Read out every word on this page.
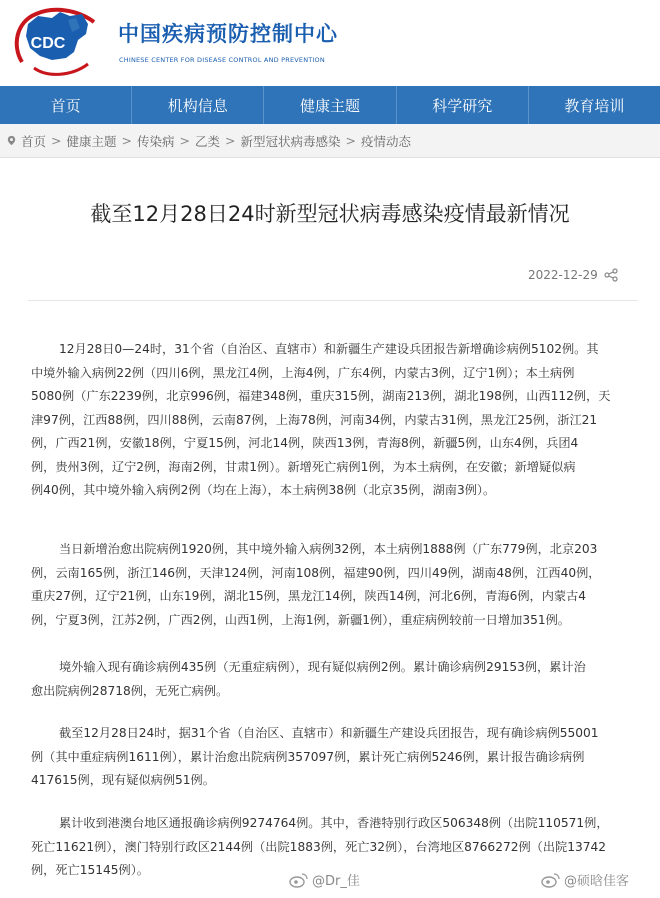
CDC	中国疾病预防控制中心
CHINESE CENTER FOR DISEASE CONTROL AND PREVENTION
首页	机构信息	健康主题	科学研究	教育培训
首页 > 健康主题 > 传染病 > 乙类 > 新型冠状病毒感染 > 疫情动态
截至12月28日24时新型冠状病毒感染疫情最新情况
2022-12-29
12月28日0—24时，31个省（自治区、直辖市）和新疆生产建设兵团报告新增确诊病例5102例。其
中境外输入病例22例（四川6例，黑龙江4例，上海4例，广东4例，内蒙古3例，辽宁1例）；本土病例
5080例（广东2239例，北京996例，福建348例，重庆315例，湖南213例，湖北198例，山西112例，天
津97例，江西88例，四川88例，云南87例，上海78例，河南34例，内蒙古31例，黑龙江25例，浙江21
例，广西21例，安徽18例，宁夏15例，河北14例，陕西13例，青海8例，新疆5例，山东4例，兵团4
例，贵州3例，辽宁2例，海南2例，甘肃1例）。新增死亡病例1例，为本土病例，在安徽；新增疑似病
例40例，其中境外输入病例2例（均在上海），本土病例38例（北京35例，湖南3例）。
当日新增治愈出院病例1920例，其中境外输入病例32例，本土病例1888例（广东779例，北京203
例，云南165例，浙江146例，天津124例，河南108例，福建90例，四川49例，湖南48例，江西40例，
重庆27例，辽宁21例，山东19例，湖北15例，黑龙江14例，陕西14例，河北6例，青海6例，内蒙古4
例，宁夏3例，江苏2例，广西2例，山西1例，上海1例，新疆1例），重症病例较前一日增加351例。
境外输入现有确诊病例435例（无重症病例），现有疑似病例2例。累计确诊病例29153例，累计治
愈出院病例28718例，无死亡病例。
截至12月28日24时，据31个省（自治区、直辖市）和新疆生产建设兵团报告，现有确诊病例55001
例（其中重症病例1611例），累计治愈出院病例357097例，累计死亡病例5246例，累计报告确诊病例
417615例，现有疑似病例51例。
累计收到港澳台地区通报确诊病例9274764例。其中，香港特别行政区506348例（出院110571例，
死亡11621例），澳门特别行政区2144例（出院1883例，死亡32例），台湾地区8766272例（出院13742
例，死亡15145例）。
@Dr_佳	@硕晗佳客
